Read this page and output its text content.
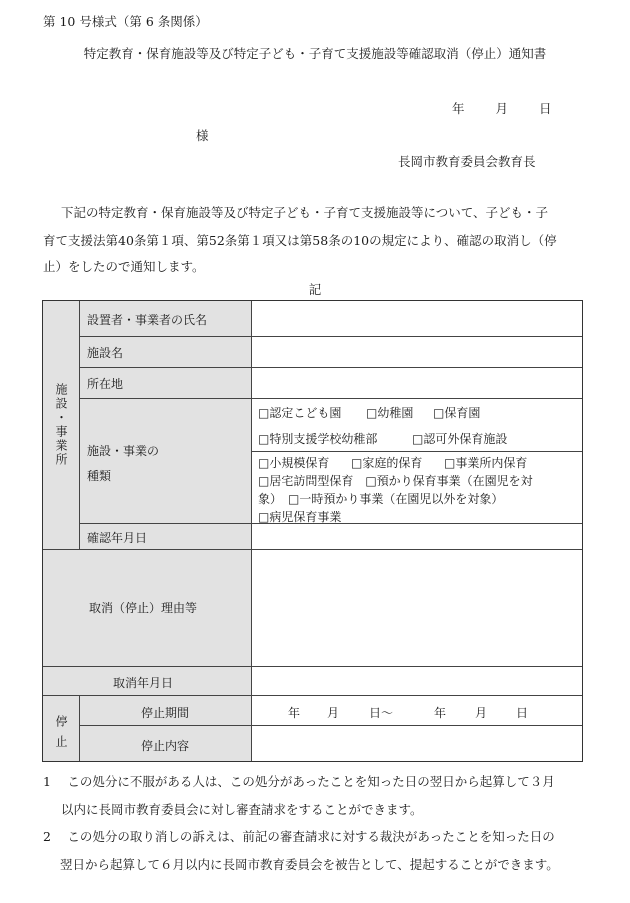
第 10 号様式（第 6 条関係）
特定教育・保育施設等及び特定子ども・子育て支援施設等確認取消（停止）通知書
年 月 日
様
長岡市教育委員会教育長
下記の特定教育・保育施設等及び特定子ども・子育て支援施設等について、子ども・子
育て支援法第40条第１項、第52条第１項又は第58条の10の規定により、確認の取消し（停
止）をしたので通知します。
記
施設・事業所
停止
設置者・事業者の氏名
施設名
所在地
施設・事業の
種類
確認年月日
取消（停止）理由等
取消年月日
停止期間
停止内容
□認定こども園 □幼稚園 □保育園
□特別支援学校幼稚部	□認可外保育施設
□小規模保育 □家庭的保育 □事業所内保育
□居宅訪問型保育　□預かり保育事業（在園児を対
象）　□一時預かり事業（在園児以外を対象）
□病児保育事業
年 月 日～	年 月 日
1　 この処分に不服がある人は、この処分があったことを知った日の翌日から起算して３月
以内に長岡市教育委員会に対し審査請求をすることができます。
2　 この処分の取り消しの訴えは、前記の審査請求に対する裁決があったことを知った日の
翌日から起算して６月以内に長岡市教育委員会を被告として、提起することができます。
